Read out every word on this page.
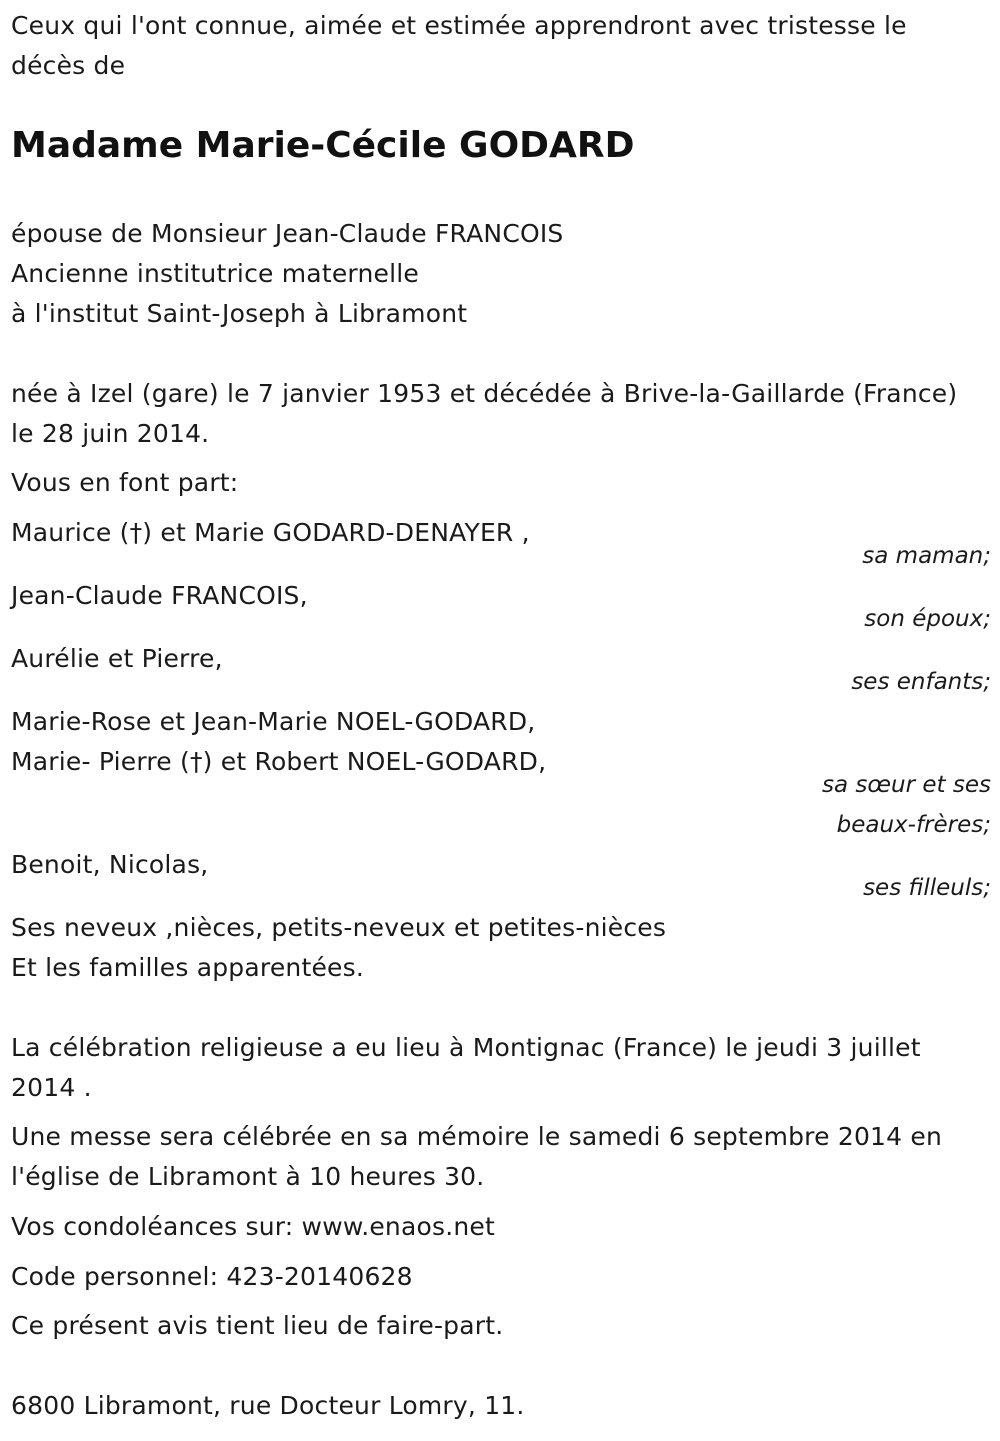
Ceux qui l'ont connue, aimée et estimée apprendront avec tristesse le
décès de
Madame Marie-Cécile GODARD
épouse de Monsieur Jean-Claude FRANCOIS
Ancienne institutrice maternelle
à l'institut Saint-Joseph à Libramont
née à Izel (gare) le 7 janvier 1953 et décédée à Brive-la-Gaillarde (France)
le 28 juin 2014.
Vous en font part:
Maurice (†) et Marie GODARD-DENAYER ,
sa maman;
Jean-Claude FRANCOIS,
son époux;
Aurélie et Pierre,
ses enfants;
Marie-Rose et Jean-Marie NOEL-GODARD,
Marie- Pierre (†) et Robert NOEL-GODARD,
sa sœur et ses
beaux-frères;
Benoit, Nicolas,
ses filleuls;
Ses neveux ,nièces, petits-neveux et petites-nièces
Et les familles apparentées.
La célébration religieuse a eu lieu à Montignac (France) le jeudi 3 juillet
2014 .
Une messe sera célébrée en sa mémoire le samedi 6 septembre 2014 en
l'église de Libramont à 10 heures 30.
Vos condoléances sur: www.enaos.net
Code personnel: 423-20140628
Ce présent avis tient lieu de faire-part.
6800 Libramont, rue Docteur Lomry, 11.
